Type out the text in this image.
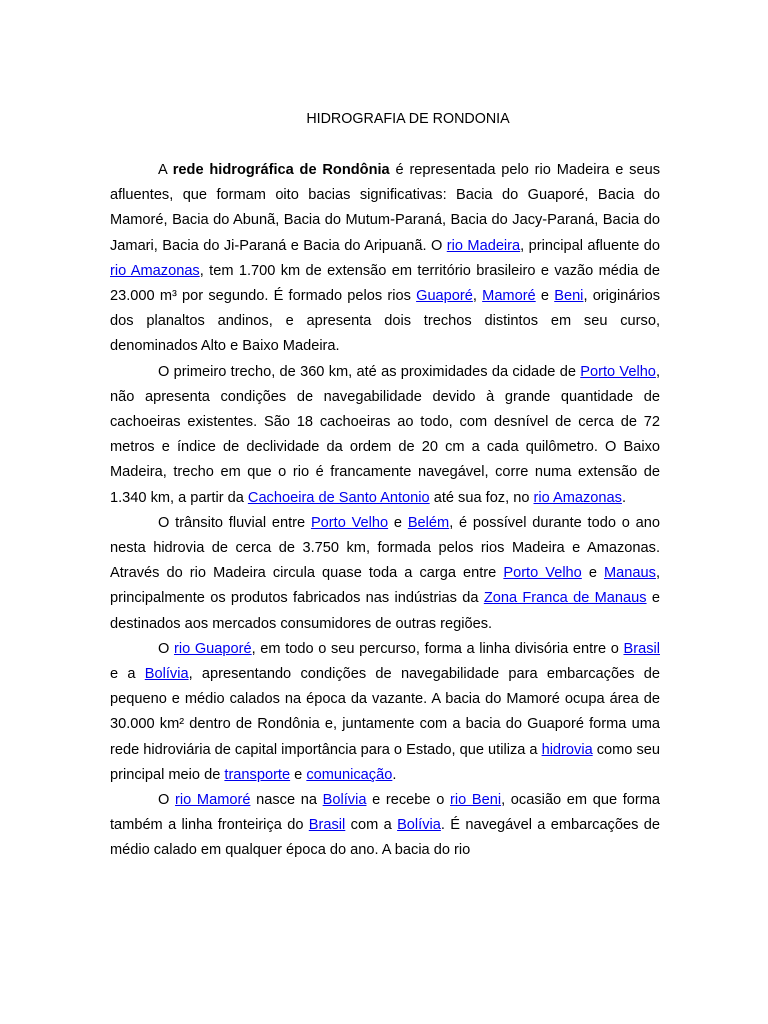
HIDROGRAFIA DE RONDONIA

A rede hidrográfica de Rondônia é representada pelo rio Madeira e seus afluentes, que formam oito bacias significativas: Bacia do Guaporé, Bacia do Mamoré, Bacia do Abunã, Bacia do Mutum-Paraná, Bacia do Jacy-Paraná, Bacia do Jamari, Bacia do Ji-Paraná e Bacia do Aripuanã. O rio Madeira, principal afluente do rio Amazonas, tem 1.700 km de extensão em território brasileiro e vazão média de 23.000 m³ por segundo. É formado pelos rios Guaporé, Mamoré e Beni, originários dos planaltos andinos, e apresenta dois trechos distintos em seu curso, denominados Alto e Baixo Madeira.

O primeiro trecho, de 360 km, até as proximidades da cidade de Porto Velho, não apresenta condições de navegabilidade devido à grande quantidade de cachoeiras existentes. São 18 cachoeiras ao todo, com desnível de cerca de 72 metros e índice de declividade da ordem de 20 cm a cada quilômetro. O Baixo Madeira, trecho em que o rio é francamente navegável, corre numa extensão de 1.340 km, a partir da Cachoeira de Santo Antonio até sua foz, no rio Amazonas.

O trânsito fluvial entre Porto Velho e Belém, é possível durante todo o ano nesta hidrovia de cerca de 3.750 km, formada pelos rios Madeira e Amazonas. Através do rio Madeira circula quase toda a carga entre Porto Velho e Manaus, principalmente os produtos fabricados nas indústrias da Zona Franca de Manaus e destinados aos mercados consumidores de outras regiões.

O rio Guaporé, em todo o seu percurso, forma a linha divisória entre o Brasil e a Bolívia, apresentando condições de navegabilidade para embarcações de pequeno e médio calados na época da vazante. A bacia do Mamoré ocupa área de 30.000 km² dentro de Rondônia e, juntamente com a bacia do Guaporé forma uma rede hidroviária de capital importância para o Estado, que utiliza a hidrovia como seu principal meio de transporte e comunicação.

O rio Mamoré nasce na Bolívia e recebe o rio Beni, ocasião em que forma também a linha fronteiriça do Brasil com a Bolívia. É navegável a embarcações de médio calado em qualquer época do ano. A bacia do rio
